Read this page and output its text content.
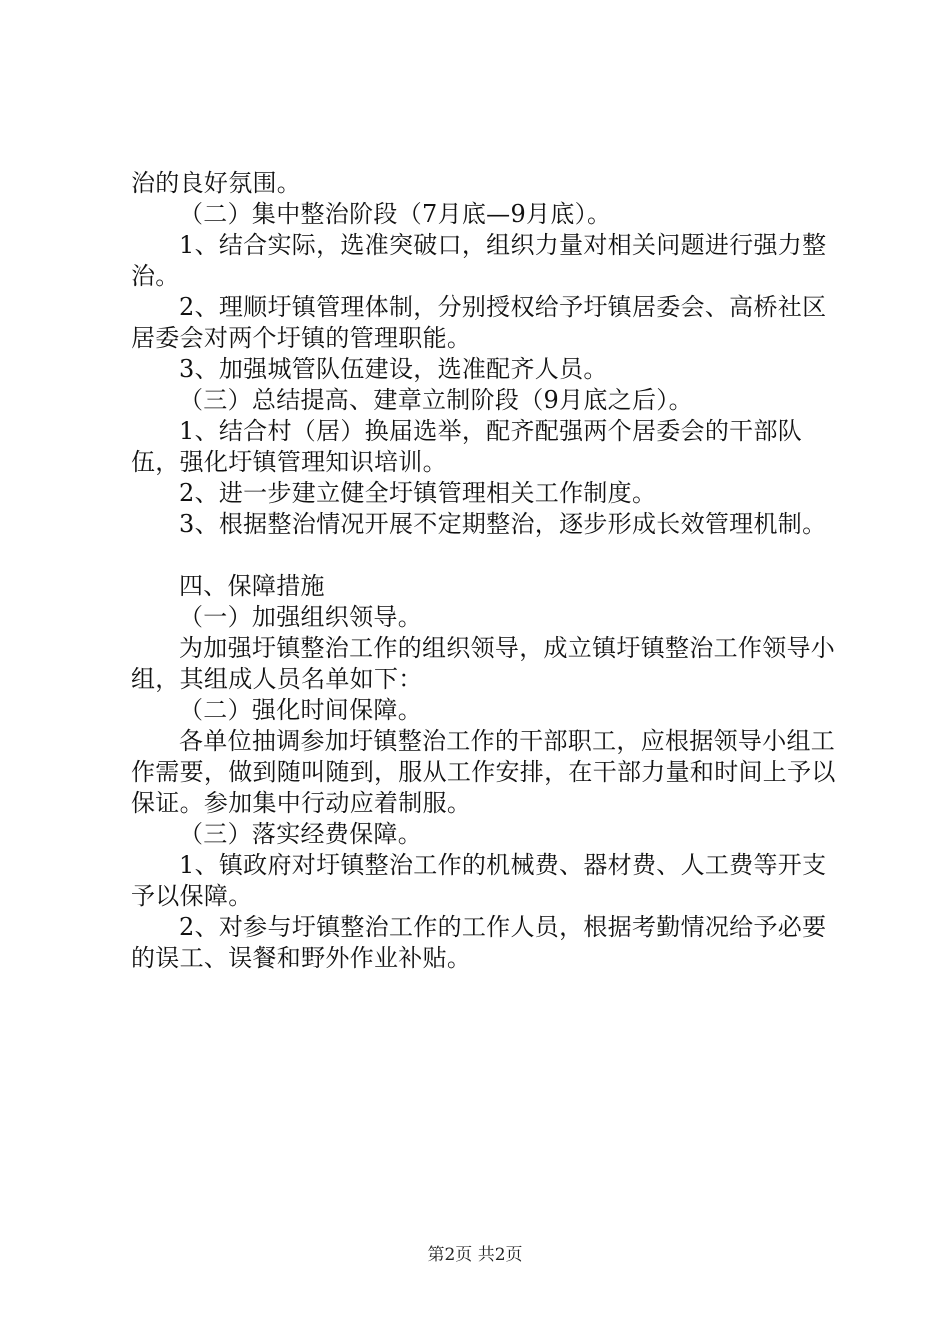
治的良好氛围。

（二）集中整治阶段（7月底—9月底）。

1、结合实际，选准突破口，组织力量对相关问题进行强力整治。

2、理顺圩镇管理体制，分别授权给予圩镇居委会、高桥社区居委会对两个圩镇的管理职能。

3、加强城管队伍建设，选准配齐人员。

（三）总结提高、建章立制阶段（9月底之后）。

1、结合村（居）换届选举，配齐配强两个居委会的干部队伍，强化圩镇管理知识培训。

2、进一步建立健全圩镇管理相关工作制度。

3、根据整治情况开展不定期整治，逐步形成长效管理机制。

四、保障措施

（一）加强组织领导。

为加强圩镇整治工作的组织领导，成立镇圩镇整治工作领导小组，其组成人员名单如下：

（二）强化时间保障。

各单位抽调参加圩镇整治工作的干部职工，应根据领导小组工作需要，做到随叫随到，服从工作安排，在干部力量和时间上予以保证。参加集中行动应着制服。

（三）落实经费保障。

1、镇政府对圩镇整治工作的机械费、器材费、人工费等开支予以保障。

2、对参与圩镇整治工作的工作人员，根据考勤情况给予必要的误工、误餐和野外作业补贴。

第2页 共2页
